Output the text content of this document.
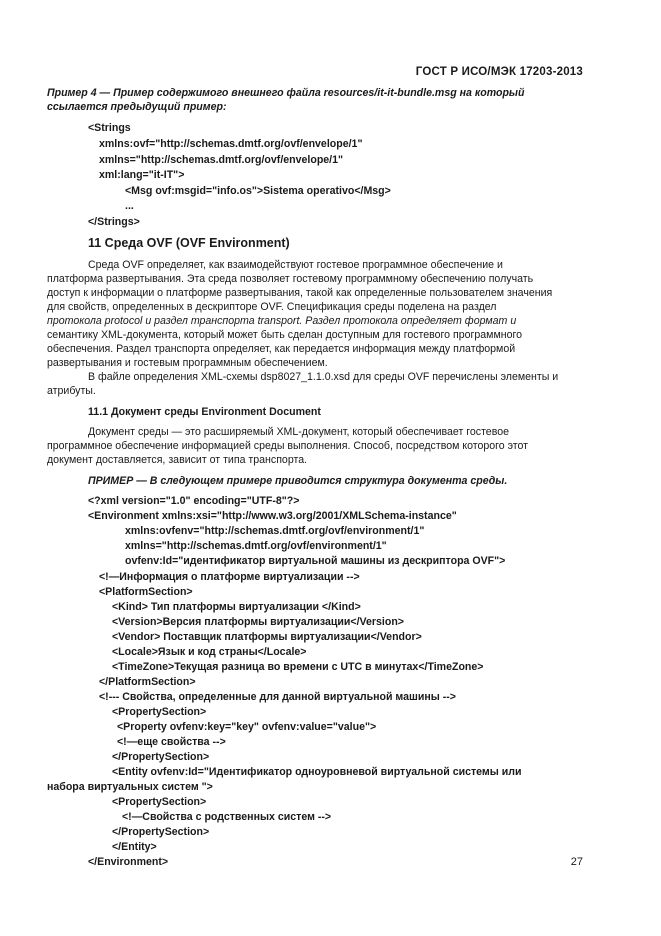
ГОСТ Р ИСО/МЭК 17203-2013
Пример 4 — Пример содержимого внешнего файла resources/it-it-bundle.msg на который
ссылается предыдущий пример:
<Strings
xmlns:ovf="http://schemas.dmtf.org/ovf/envelope/1"
xmlns="http://schemas.dmtf.org/ovf/envelope/1"
xml:lang="it-IT">
<Msg ovf:msgid="info.os">Sistema operativo</Msg>
...
</Strings>
11 Среда OVF (OVF Environment)
Среда OVF определяет, как взаимодействуют гостевое программное обеспечение и
платформа развертывания. Эта среда позволяет гостевому программному обеспечению получать
доступ к информации о платформе развертывания, такой как определенные пользователем значения
для свойств, определенных в дескрипторе OVF. Спецификация среды поделена на раздел
протокола protocol и раздел транспорта transport. Раздел протокола определяет формат и
семантику XML-документа, который может быть сделан доступным для гостевого программного
обеспечения. Раздел транспорта определяет, как передается информация между платформой
развертывания и гостевым программным обеспечением.
В файле определения XML-схемы dsp8027_1.1.0.xsd для среды OVF перечислены элементы и
атрибуты.
11.1 Документ среды Environment Document
Документ среды — это расширяемый XML-документ, который обеспечивает гостевое
программное обеспечение информацией среды выполнения. Способ, посредством которого этот
документ доставляется, зависит от типа транспорта.
ПРИМЕР — В следующем примере приводится структура документа среды.
<?xml version="1.0" encoding="UTF-8"?>
<Environment xmlns:xsi="http://www.w3.org/2001/XMLSchema-instance"
xmlns:ovfenv="http://schemas.dmtf.org/ovf/environment/1"
xmlns="http://schemas.dmtf.org/ovf/environment/1"
ovfenv:Id="идентификатор виртуальной машины из дескриптора OVF">
<!—Информация о платформе виртуализации -->
<PlatformSection>
<Kind> Тип платформы виртуализации </Kind>
<Version>Версия платформы виртуализации</Version>
<Vendor> Поставщик платформы виртуализации</Vendor>
<Locale>Язык и код страны</Locale>
<TimeZone>Текущая разница во времени с UTC в минутах</TimeZone>
</PlatformSection>
<!--- Свойства, определенные для данной виртуальной машины -->
<PropertySection>
<Property ovfenv:key="key" ovfenv:value="value">
<!—еще свойства -->
</PropertySection>
<Entity ovfenv:Id="Идентификатор одноуровневой виртуальной системы или
набора виртуальных систем ">
<PropertySection>
<!—Свойства с родственных систем -->
</PropertySection>
</Entity>
</Environment>	27
